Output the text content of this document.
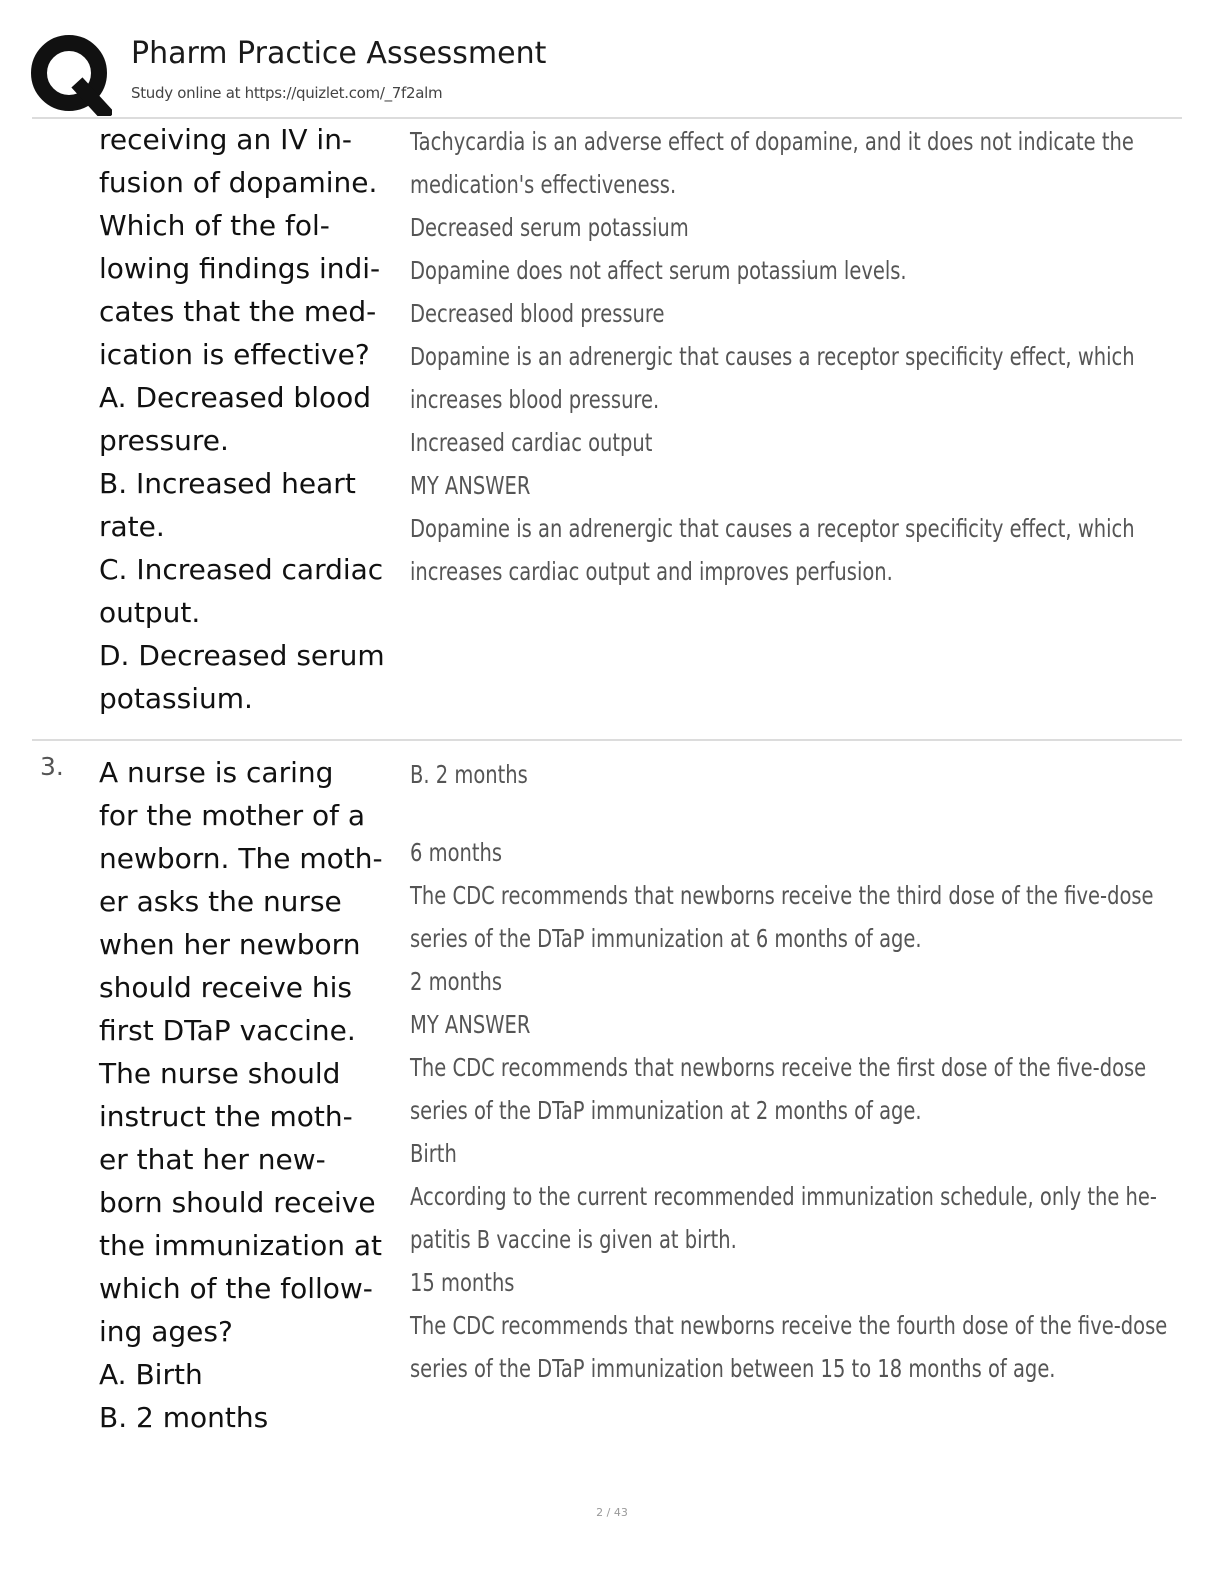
Pharm Practice Assessment
Study online at https://quizlet.com/_7f2alm
receiving an IV in-
fusion of dopamine.
Which of the fol-
lowing findings indi-
cates that the med-
ication is effective?
A. Decreased blood
pressure.
B. Increased heart
rate.
C. Increased cardiac
output.
D. Decreased serum
potassium.
Tachycardia is an adverse effect of dopamine, and it does not indicate the
medication's effectiveness.
Decreased serum potassium
Dopamine does not affect serum potassium levels.
Decreased blood pressure
Dopamine is an adrenergic that causes a receptor specificity effect, which
increases blood pressure.
Increased cardiac output
MY ANSWER
Dopamine is an adrenergic that causes a receptor specificity effect, which
increases cardiac output and improves perfusion.
3. A nurse is caring
for the mother of a
newborn. The moth-
er asks the nurse
when her newborn
should receive his
first DTaP vaccine.
The nurse should
instruct the moth-
er that her new-
born should receive
the immunization at
which of the follow-
ing ages?
A. Birth
B. 2 months
B. 2 months
6 months
The CDC recommends that newborns receive the third dose of the five-dose
series of the DTaP immunization at 6 months of age.
2 months
MY ANSWER
The CDC recommends that newborns receive the first dose of the five-dose
series of the DTaP immunization at 2 months of age.
Birth
According to the current recommended immunization schedule, only the he-
patitis B vaccine is given at birth.
15 months
The CDC recommends that newborns receive the fourth dose of the five-dose
series of the DTaP immunization between 15 to 18 months of age.
2 / 43
